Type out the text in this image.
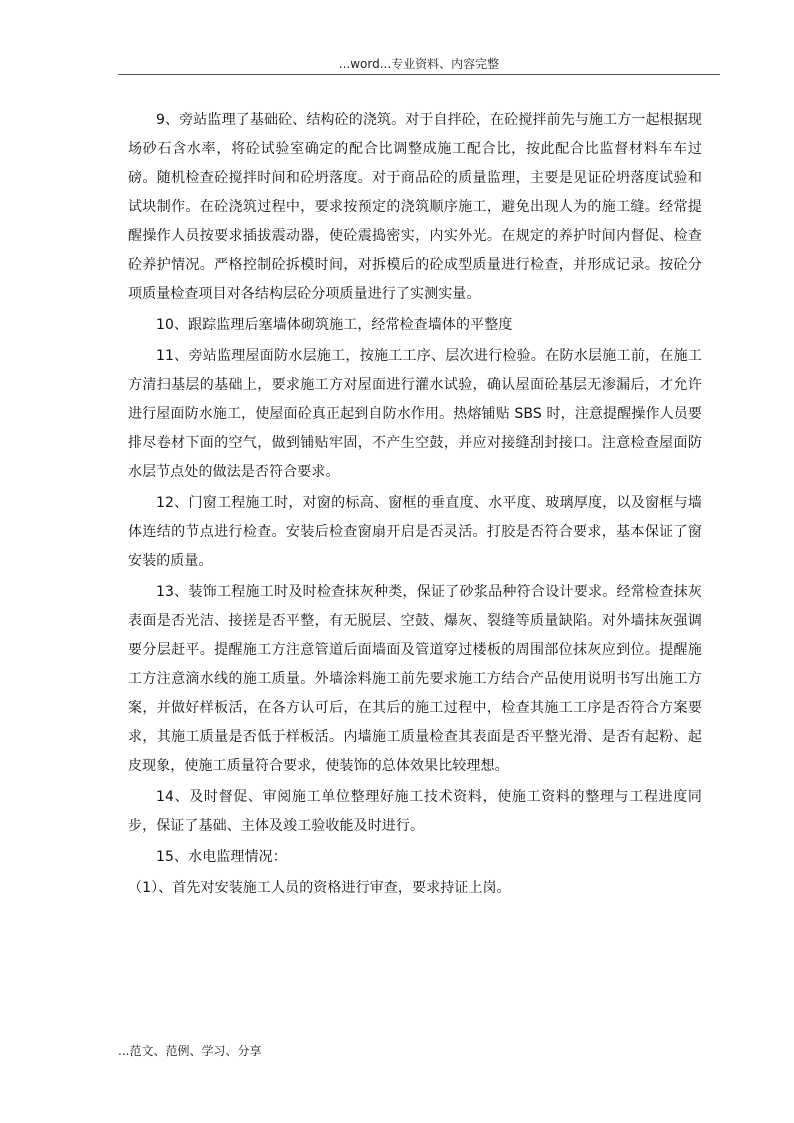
...word...专业资料、内容完整

9、旁站监理了基础砼、结构砼的浇筑。对于自拌砼，在砼搅拌前先与施工方一起根据现场砂石含水率，将砼试验室确定的配合比调整成施工配合比，按此配合比监督材料车车过磅。随机检查砼搅拌时间和砼坍落度。对于商品砼的质量监理，主要是见证砼坍落度试验和试块制作。在砼浇筑过程中，要求按预定的浇筑顺序施工，避免出现人为的施工缝。经常提醒操作人员按要求插拔震动器，使砼震捣密实，内实外光。在规定的养护时间内督促、检查砼养护情况。严格控制砼拆模时间，对拆模后的砼成型质量进行检查，并形成记录。按砼分项质量检查项目对各结构层砼分项质量进行了实测实量。

10、跟踪监理后塞墙体砌筑施工，经常检查墙体的平整度

11、旁站监理屋面防水层施工，按施工工序、层次进行检验。在防水层施工前，在施工方清扫基层的基础上，要求施工方对屋面进行灌水试验，确认屋面砼基层无渗漏后，才允许进行屋面防水施工，使屋面砼真正起到自防水作用。热熔铺贴 SBS 时，注意提醒操作人员要排尽卷材下面的空气，做到铺贴牢固，不产生空鼓，并应对接缝刮封接口。注意检查屋面防水层节点处的做法是否符合要求。

12、门窗工程施工时，对窗的标高、窗框的垂直度、水平度、玻璃厚度，以及窗框与墙体连结的节点进行检查。安装后检查窗扇开启是否灵活。打胶是否符合要求，基本保证了窗安装的质量。

13、装饰工程施工时及时检查抹灰种类，保证了砂浆品种符合设计要求。经常检查抹灰表面是否光洁、接搓是否平整，有无脱层、空鼓、爆灰、裂缝等质量缺陷。对外墙抹灰强调要分层赶平。提醒施工方注意管道后面墙面及管道穿过楼板的周围部位抹灰应到位。提醒施工方注意滴水线的施工质量。外墙涂料施工前先要求施工方结合产品使用说明书写出施工方案，并做好样板活，在各方认可后，在其后的施工过程中，检查其施工工序是否符合方案要求，其施工质量是否低于样板活。内墙施工质量检查其表面是否平整光滑、是否有起粉、起皮现象，使施工质量符合要求，使装饰的总体效果比较理想。

14、及时督促、审阅施工单位整理好施工技术资料，使施工资料的整理与工程进度同步，保证了基础、主体及竣工验收能及时进行。

15、水电监理情况：

（1）、首先对安装施工人员的资格进行审查，要求持证上岗。

...范文、范例、学习、分享
